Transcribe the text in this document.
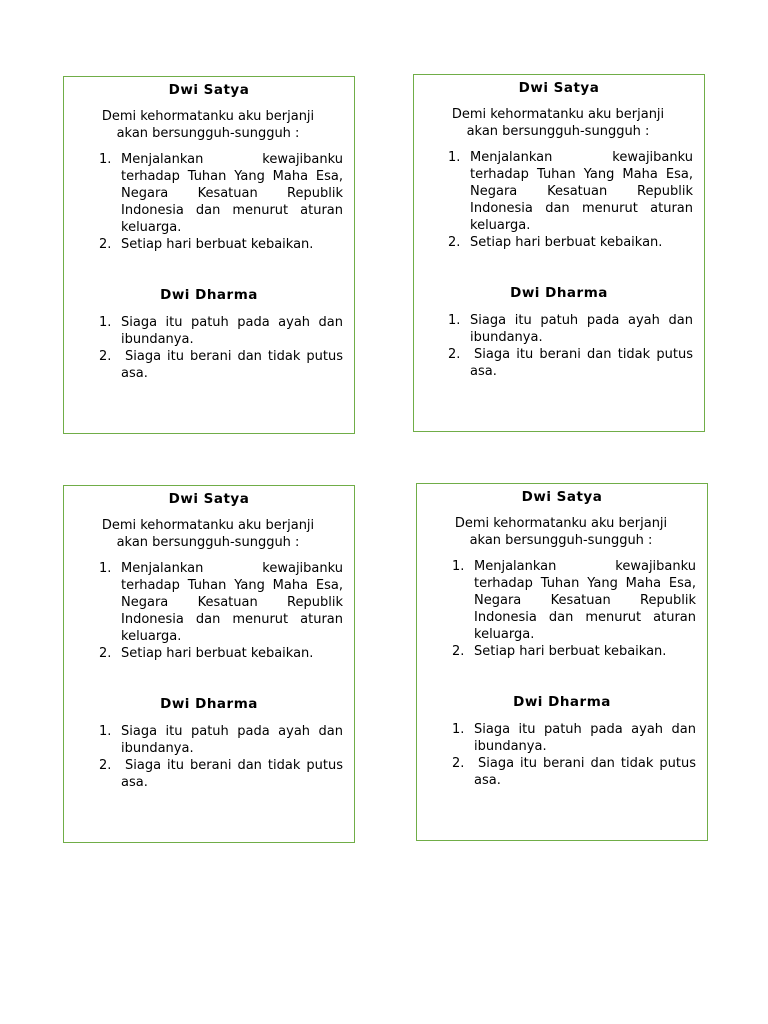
Dwi Satya
Demi kehormatanku aku berjanji
akan bersungguh-sungguh :
1. Menjalankan kewajibanku terhadap Tuhan Yang Maha Esa, Negara Kesatuan Republik Indonesia dan menurut aturan keluarga.
2. Setiap hari berbuat kebaikan.
Dwi Dharma
1. Siaga itu patuh pada ayah dan ibundanya.
2. Siaga itu berani dan tidak putus asa.
Dwi Satya
Demi kehormatanku aku berjanji
akan bersungguh-sungguh :
1. Menjalankan kewajibanku terhadap Tuhan Yang Maha Esa, Negara Kesatuan Republik Indonesia dan menurut aturan keluarga.
2. Setiap hari berbuat kebaikan.
Dwi Dharma
1. Siaga itu patuh pada ayah dan ibundanya.
2. Siaga itu berani dan tidak putus asa.
Dwi Satya
Demi kehormatanku aku berjanji
akan bersungguh-sungguh :
1. Menjalankan kewajibanku terhadap Tuhan Yang Maha Esa, Negara Kesatuan Republik Indonesia dan menurut aturan keluarga.
2. Setiap hari berbuat kebaikan.
Dwi Dharma
1. Siaga itu patuh pada ayah dan ibundanya.
2. Siaga itu berani dan tidak putus asa.
Dwi Satya
Demi kehormatanku aku berjanji
akan bersungguh-sungguh :
1. Menjalankan kewajibanku terhadap Tuhan Yang Maha Esa, Negara Kesatuan Republik Indonesia dan menurut aturan keluarga.
2. Setiap hari berbuat kebaikan.
Dwi Dharma
1. Siaga itu patuh pada ayah dan ibundanya.
2. Siaga itu berani dan tidak putus asa.
